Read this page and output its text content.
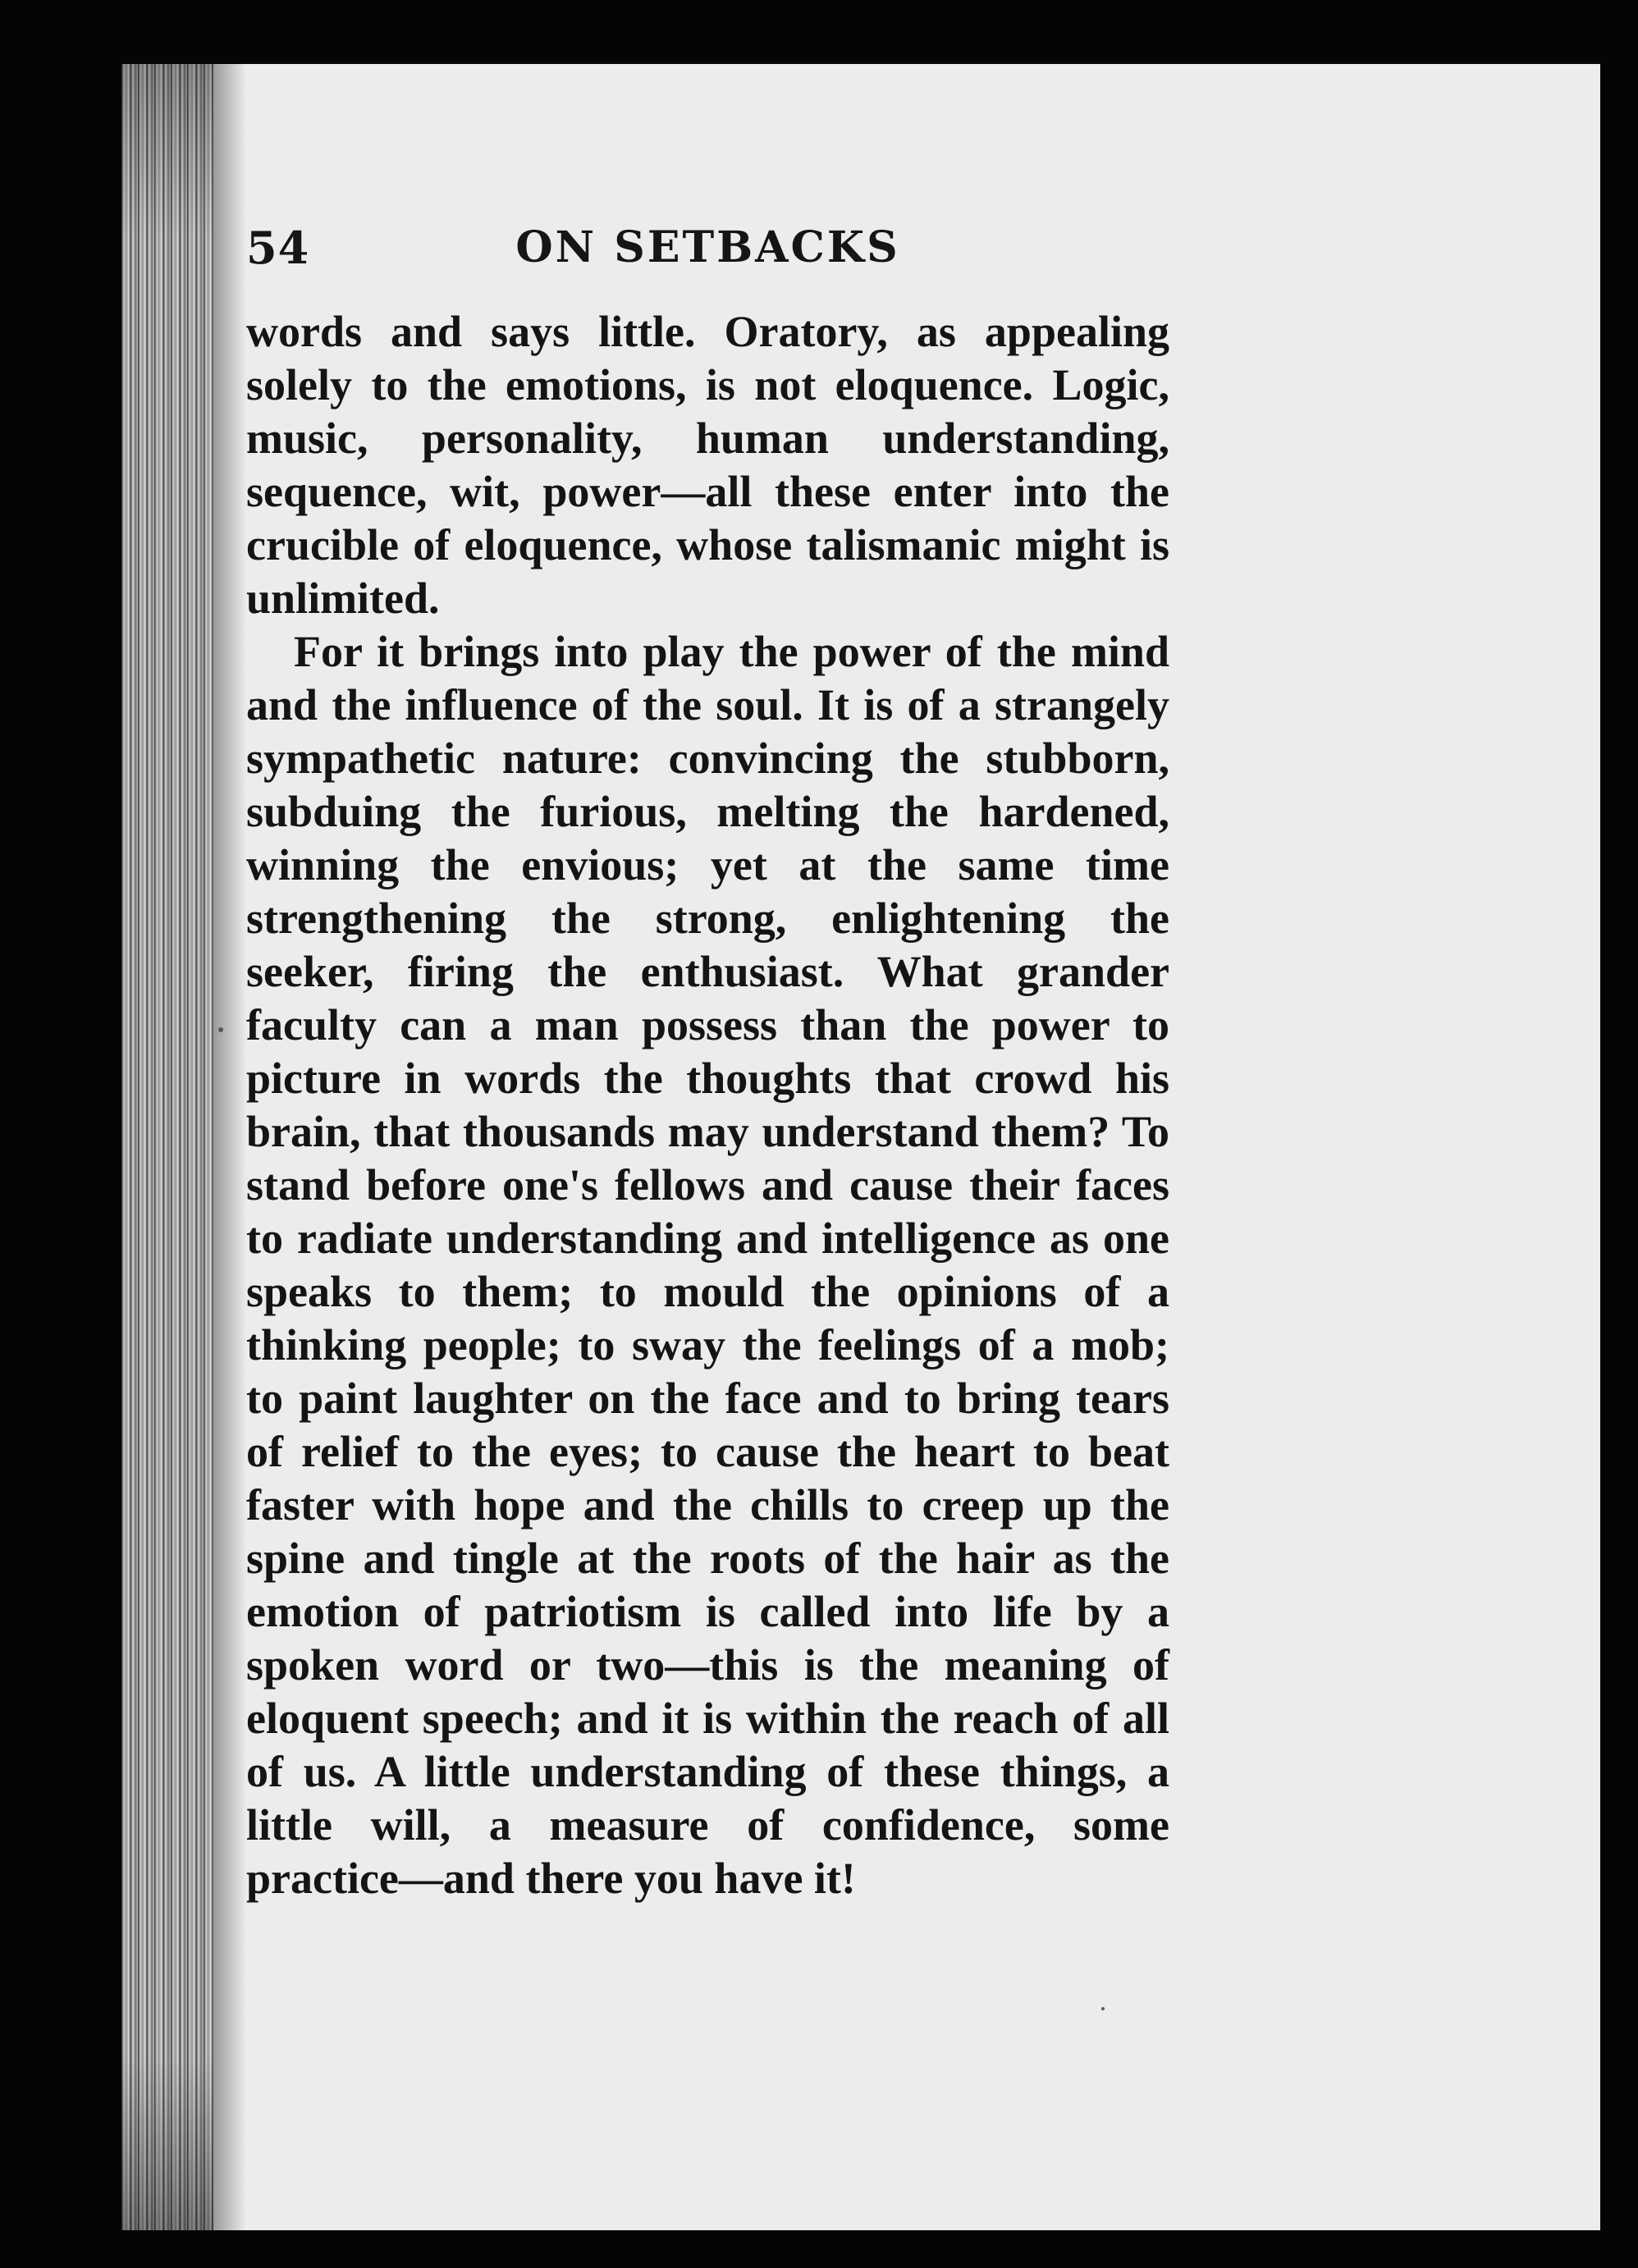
54	ON SETBACKS

words and says little. Oratory, as appealing solely to the emotions, is not eloquence. Logic, music, personality, human understanding, sequence, wit, power—all these enter into the crucible of eloquence, whose talismanic might is unlimited.

For it brings into play the power of the mind and the influence of the soul. It is of a strangely sympathetic nature: convincing the stubborn, subduing the furious, melting the hardened, winning the envious; yet at the same time strengthening the strong, enlightening the seeker, firing the enthusiast. What grander faculty can a man possess than the power to picture in words the thoughts that crowd his brain, that thousands may understand them? To stand before one's fellows and cause their faces to radiate understanding and intelligence as one speaks to them; to mould the opinions of a thinking people; to sway the feelings of a mob; to paint laughter on the face and to bring tears of relief to the eyes; to cause the heart to beat faster with hope and the chills to creep up the spine and tingle at the roots of the hair as the emotion of patriotism is called into life by a spoken word or two—this is the meaning of eloquent speech; and it is within the reach of all of us. A little understanding of these things, a little will, a measure of confidence, some practice—and there you have it!
